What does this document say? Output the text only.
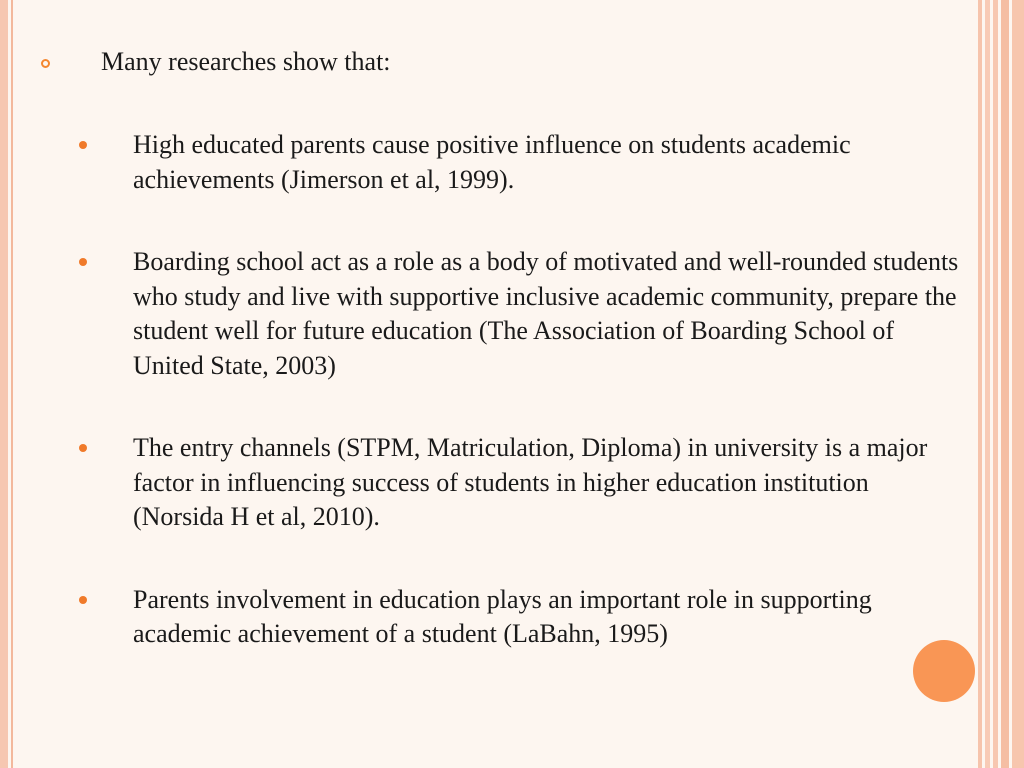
Many researches show that:
High educated parents cause positive influence on students academic achievements (Jimerson et al, 1999).
Boarding school act as a role as a body of motivated and well-rounded students who study and live with supportive inclusive academic community, prepare the student well for future education (The Association of Boarding School of United State, 2003)
The entry channels (STPM, Matriculation, Diploma) in university is a major factor in influencing success of students in higher education institution (Norsida H et al, 2010).
Parents involvement in education plays an important role in supporting academic achievement of a student (LaBahn, 1995)
